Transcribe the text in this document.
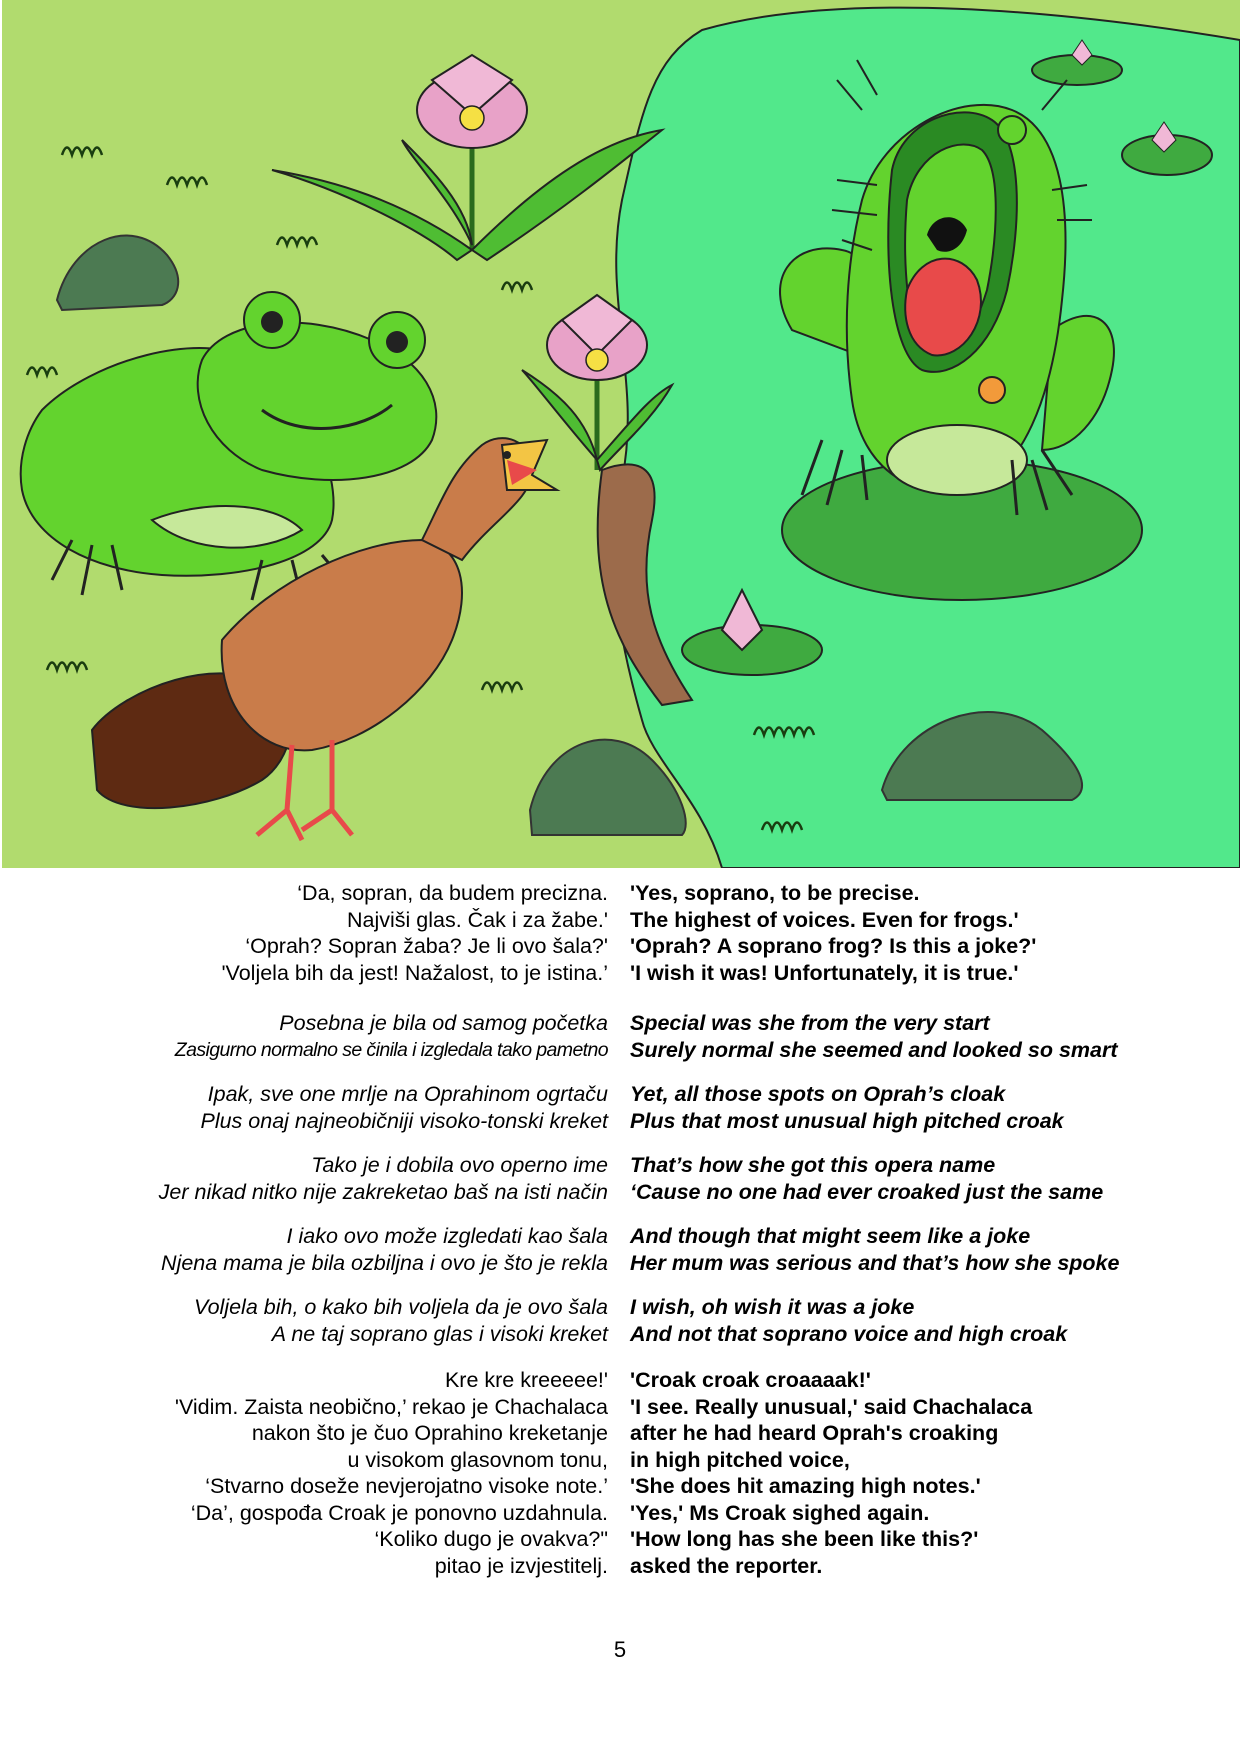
‘Da, sopran, da budem precizna.
Najviši glas. Čak i za žabe.'
‘Oprah? Sopran žaba? Je li ovo šala?'
'Voljela bih da jest! Nažalost, to je istina.’
Posebna je bila od samog početka
Zasigurno normalno se činila i izgledala tako pametno
Ipak, sve one mrlje na Oprahinom ogrtaču
Plus onaj najneobičniji visoko-tonski kreket
Tako je i dobila ovo operno ime
Jer nikad nitko nije zakreketao baš na isti način
I iako ovo može izgledati kao šala
Njena mama je bila ozbiljna i ovo je što je rekla
Voljela bih, o kako bih voljela da je ovo šala
A ne taj soprano glas i visoki kreket
Kre kre kreeeee!'
'Vidim. Zaista neobično,’ rekao je Chachalaca
nakon što je čuo Oprahino kreketanje
u visokom glasovnom tonu,
‘Stvarno doseže nevjerojatno visoke note.’
‘Da’, gospođa Croak je ponovno uzdahnula.
‘Koliko dugo je ovakva?"
pitao je izvjestitelj.
'Yes, soprano, to be precise.
The highest of voices. Even for frogs.'
'Oprah? A soprano frog? Is this a joke?'
'I wish it was! Unfortunately, it is true.'
Special was she from the very start
Surely normal she seemed and looked so smart
Yet, all those spots on Oprah’s cloak
Plus that most unusual high pitched croak
That’s how she got this opera name
‘Cause no one had ever croaked just the same
And though that might seem like a joke
Her mum was serious and that’s how she spoke
I wish, oh wish it was a joke
And not that soprano voice and high croak
'Croak croak croaaaak!'
'I see. Really unusual,' said Chachalaca
after he had heard Oprah's croaking
in high pitched voice,
'She does hit amazing high notes.'
'Yes,' Ms Croak sighed again.
'How long has she been like this?'
asked the reporter.
5
